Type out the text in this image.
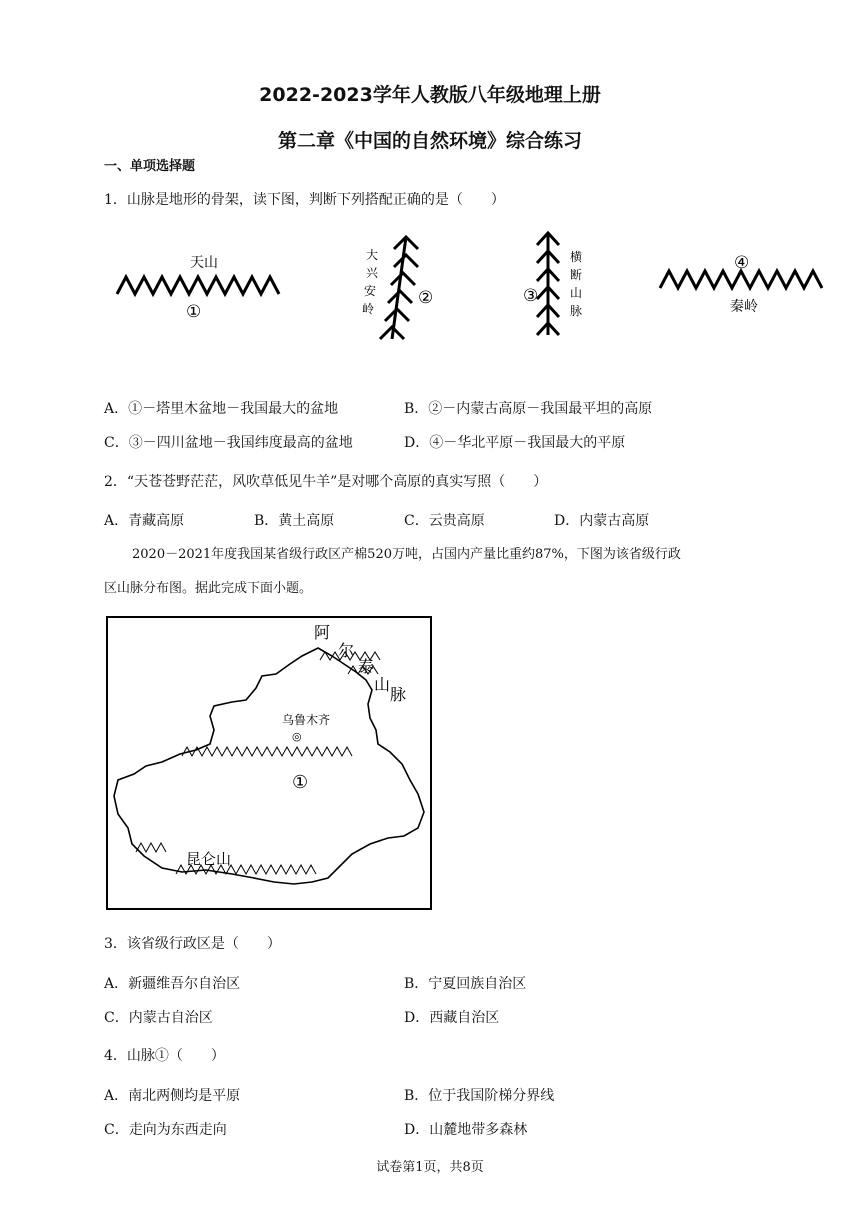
2022-2023学年人教版八年级地理上册
第二章《中国的自然环境》综合练习
一、单项选择题
1．山脉是地形的骨架，读下图，判断下列搭配正确的是（　　）
天山
①
大
兴
安
岭
②	③
横
断
山
脉
④
秦岭
A．①－塔里木盆地－我国最大的盆地	B．②－内蒙古高原－我国最平坦的高原
C．③－四川盆地－我国纬度最高的盆地	D．④－华北平原－我国最大的平原
2．“天苍苍野茫茫，风吹草低见牛羊”是对哪个高原的真实写照（　　）
A．青藏高原	B．黄土高原	C．云贵高原	D．内蒙古高原
2020－2021年度我国某省级行政区产棉520万吨，占国内产量比重约87%，下图为该省级行政
区山脉分布图。据此完成下面小题。
阿
尔
泰
山
脉
乌鲁木齐
◎
①
昆仑山
3．该省级行政区是（　　）
A．新疆维吾尔自治区	B．宁夏回族自治区
C．内蒙古自治区	D．西藏自治区
4．山脉①（　　）
A．南北两侧均是平原	B．位于我国阶梯分界线
C．走向为东西走向	D．山麓地带多森林
试卷第1页，共8页
